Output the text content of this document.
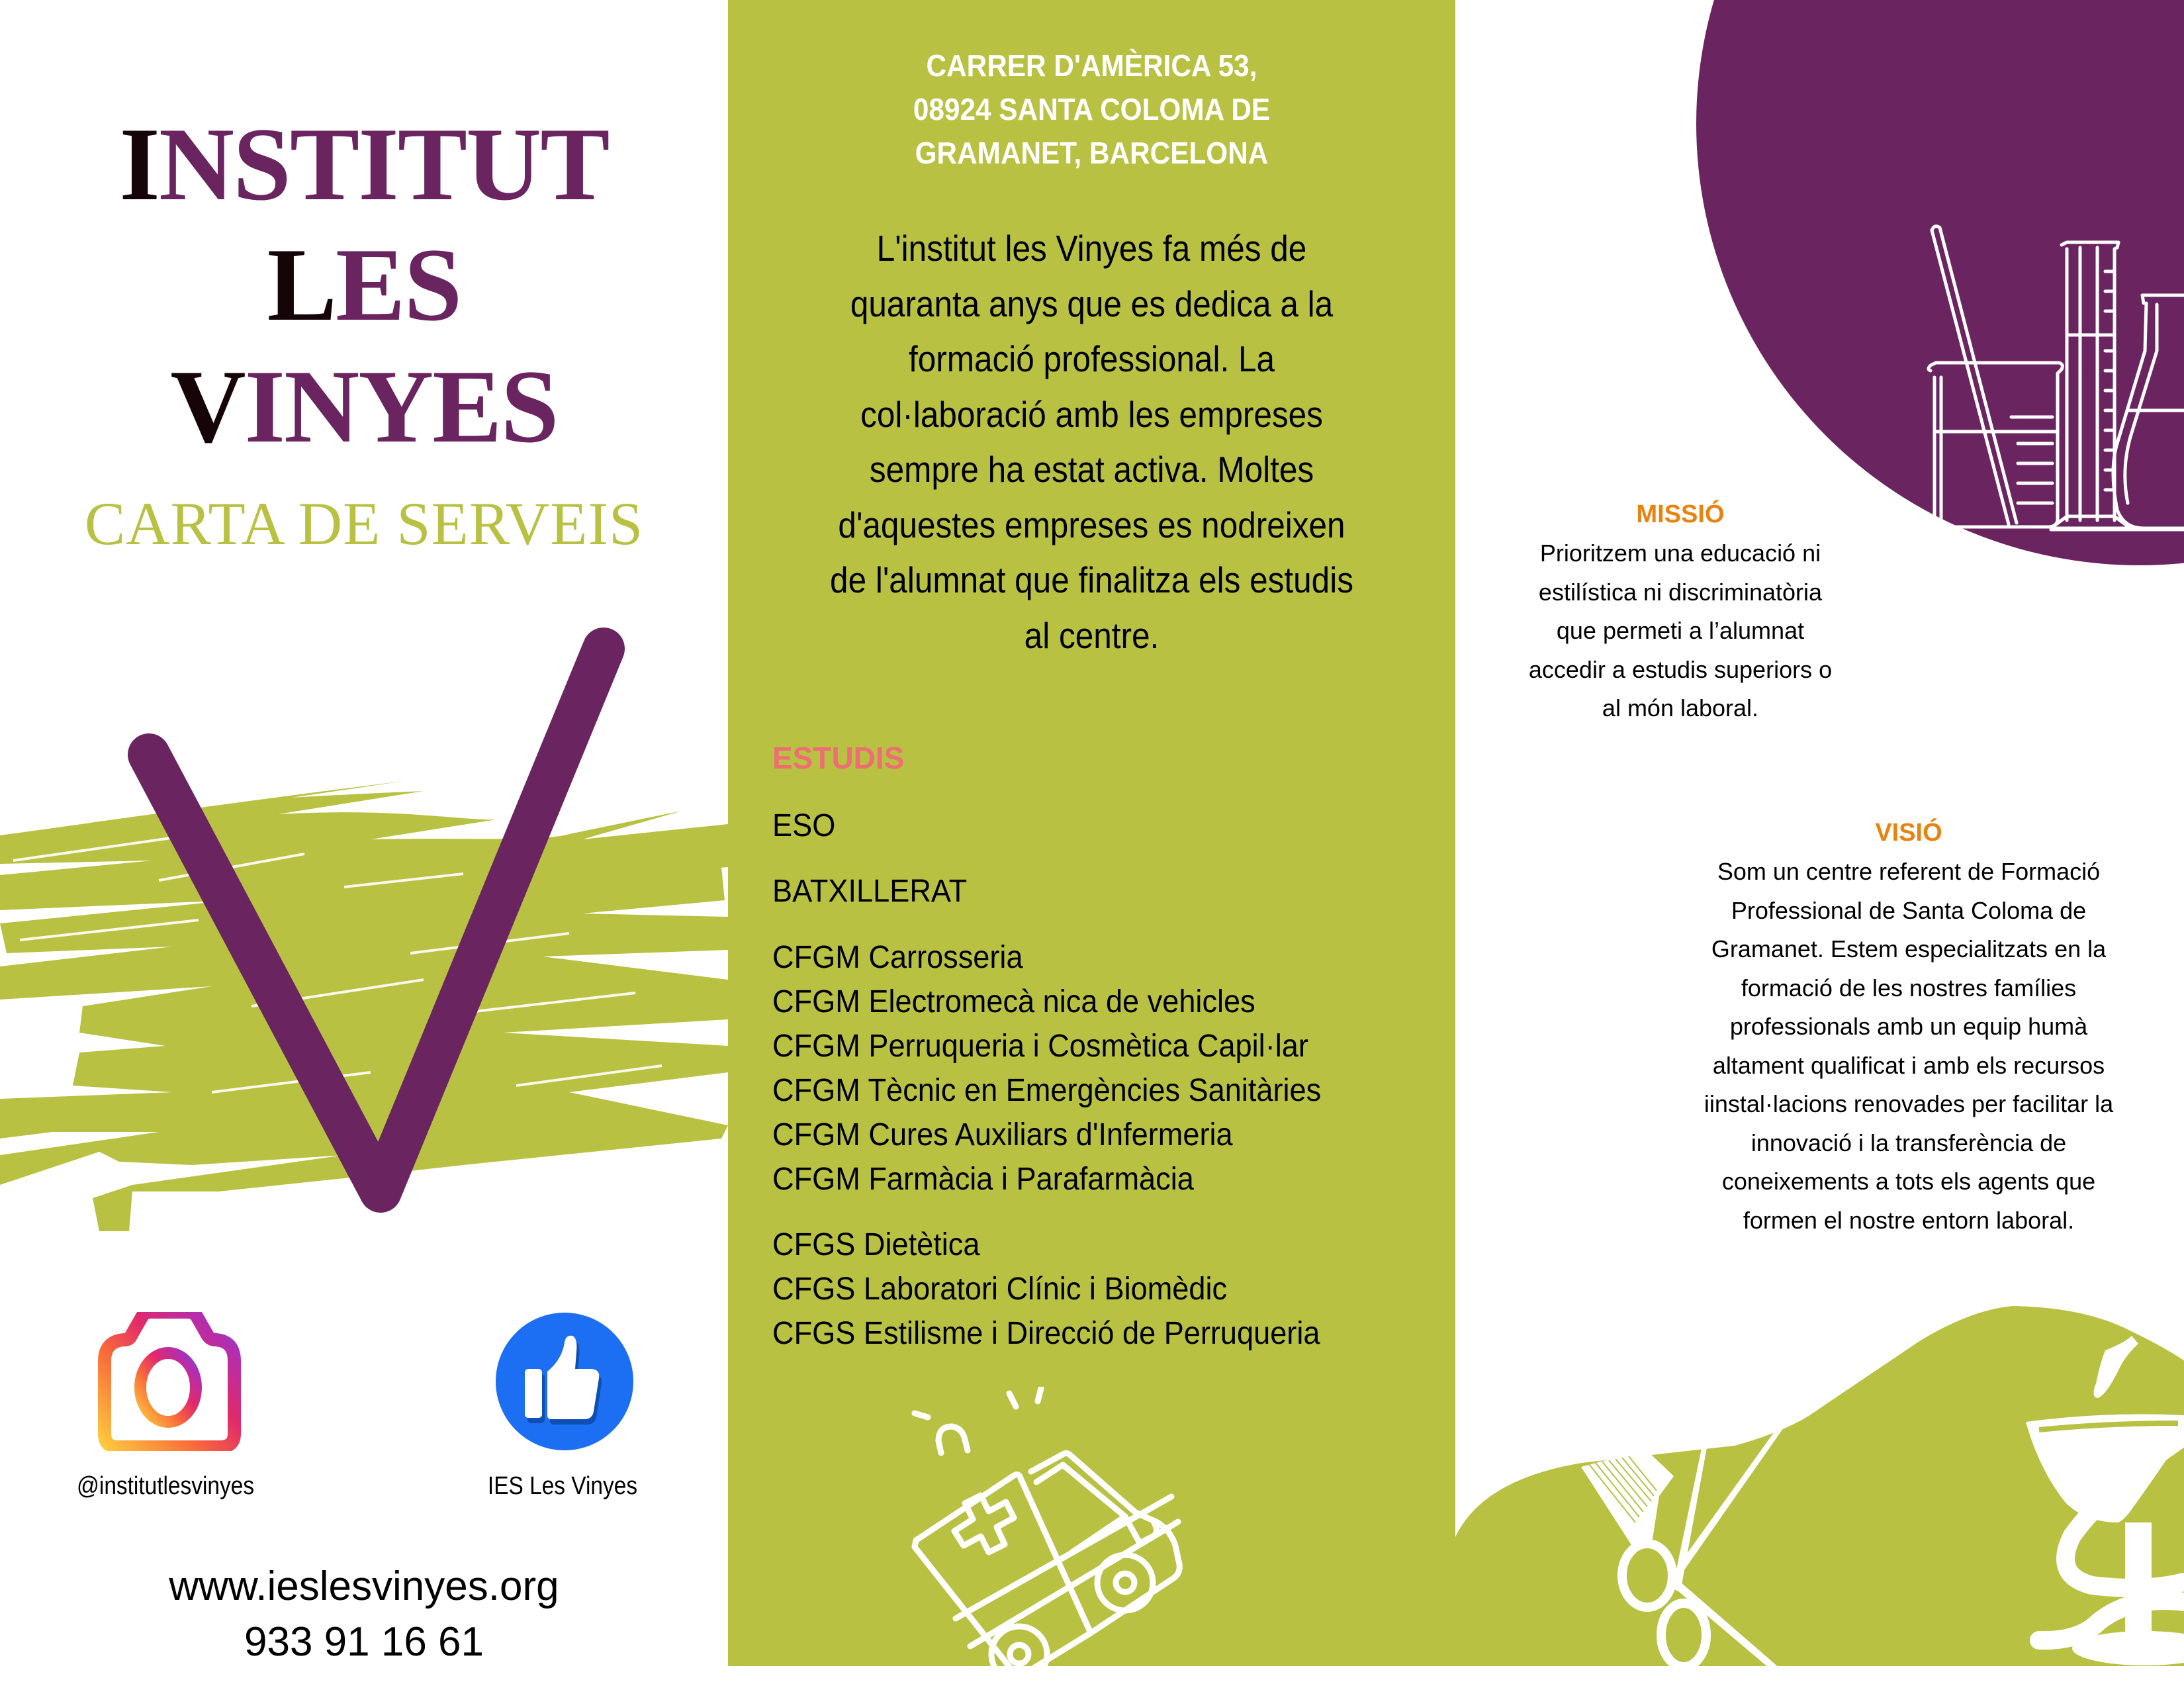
INSTITUT
LES
VINYES
CARTA DE SERVEIS
@institutlesvinyes	IES Les Vinyes
www.ieslesvinyes.org
933 91 16 61
CARRER D'AMÈRICA 53,
08924 SANTA COLOMA DE
GRAMANET, BARCELONA
L'institut les Vinyes fa més de
quaranta anys que es dedica a la
formació professional. La
col·laboració amb les empreses
sempre ha estat activa. Moltes
d'aquestes empreses es nodreixen
de l'alumnat que finalitza els estudis
al centre.
ESTUDIS
ESO
BATXILLERAT
CFGM Carrosseria
CFGM Electromecà nica de vehicles
CFGM Perruqueria i Cosmètica Capil·lar
CFGM Tècnic en Emergències Sanitàries
CFGM Cures Auxiliars d'Infermeria
CFGM Farmàcia i Parafarmàcia
CFGS Dietètica
CFGS Laboratori Clínic i Biomèdic
CFGS Estilisme i Direcció de Perruqueria
MISSIÓ
Prioritzem una educació ni
estilística ni discriminatòria
que permeti a l’alumnat
accedir a estudis superiors o
al món laboral.
VISIÓ
Som un centre referent de Formació
Professional de Santa Coloma de
Gramanet. Estem especialitzats en la
formació de les nostres famílies
professionals amb un equip humà
altament qualificat i amb els recursos
iinstal·lacions renovades per facilitar la
innovació i la transferència de
coneixements a tots els agents que
formen el nostre entorn laboral.
